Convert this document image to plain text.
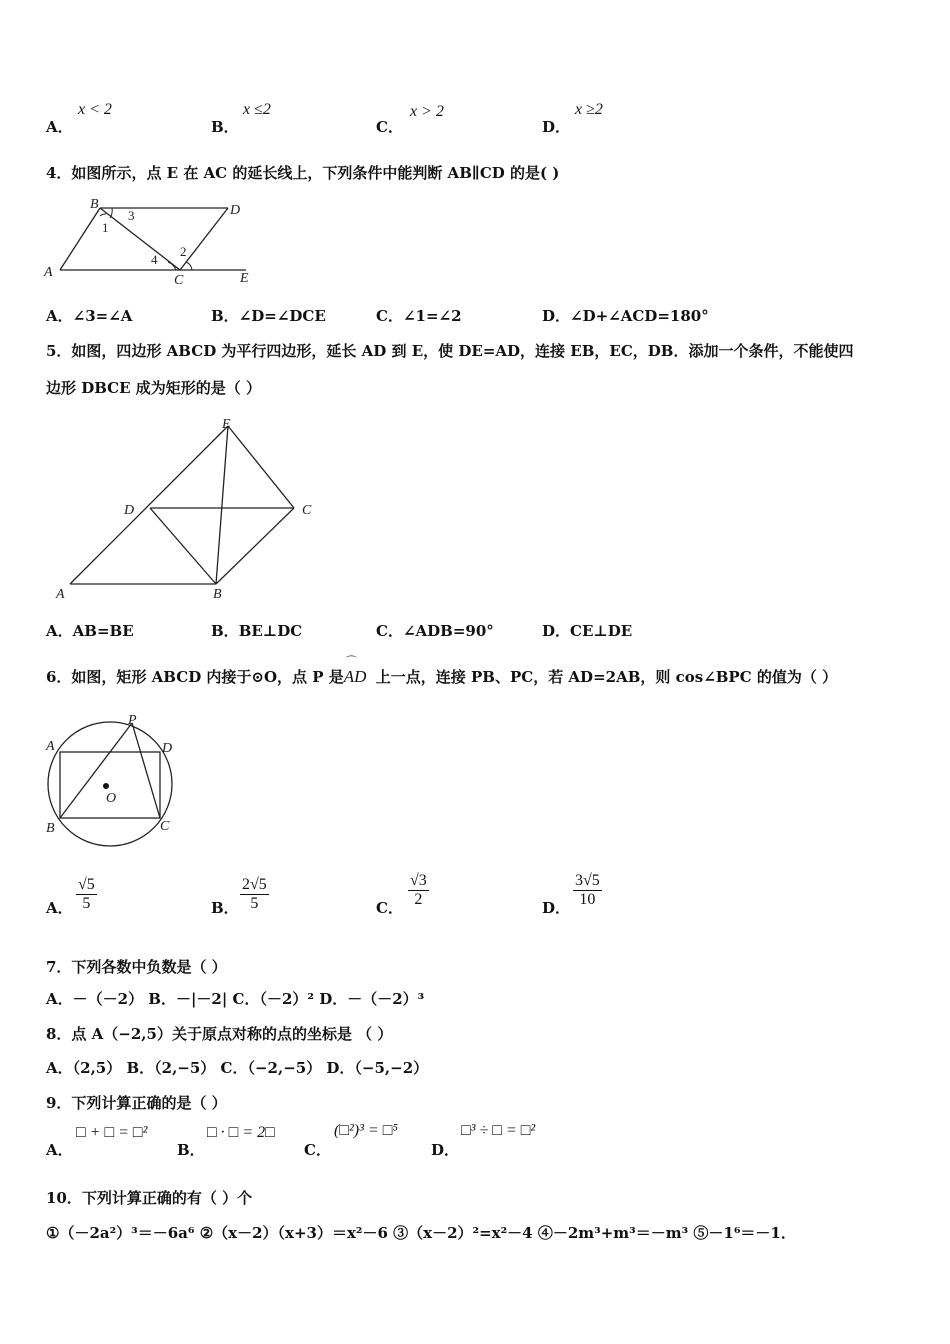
A．
x < 2
B．
x ≤2
C．
x > 2
D．
x ≥2
4．如图所示，点 E 在 AC 的延长线上，下列条件中能判断 AB∥CD 的是( )
A
B
C
D
E
1
2
3
4
A．∠3=∠A	B．∠D=∠DCE	C．∠1=∠2	D．∠D+∠ACD=180°
5．如图，四边形 ABCD 为平行四边形，延长 AD 到 E，使 DE=AD，连接 EB，EC，DB．添加一个条件，不能使四
边形 DBCE 成为矩形的是（ ）
A	B
C
D
E
A．AB=BE	B．BE⊥DC	C．∠ADB=90°	D．CE⊥DE
6．如图，矩形 ABCD 内接于⊙O，点 P 是
⌒
AD 上一点，连接 PB、PC，若 AD=2AB，则 cos∠BPC 的值为（ ）
A
B	C
D
O
P
A． $\frac{√5}{5}$	B． $\frac{2√5}{5}$	C． $\frac{√3}{2}$	D． $\frac{3√5}{10}$
7．下列各数中负数是（ ）
A．－（－2） B．－|－2| C．（－2）² D．－（－2）³
8．点 A（−2,5）关于原点对称的点的坐标是 （ ）
A．（2,5） B．（2,−5） C．（−2,−5） D．（−5,−2）
9．下列计算正确的是（ ）
A．
□ + □ = □²
B．
□ · □ = 2□
C．
(□²)³ = □⁵
D．
□³ ÷ □ = □²
10．下列计算正确的有（ ）个
①（－2a²）³＝－6a⁶ ②（x－2）（x+3）＝x²－6 ③（x－2）²=x²－4 ④－2m³+m³＝－m³ ⑤－1⁶＝－1．
